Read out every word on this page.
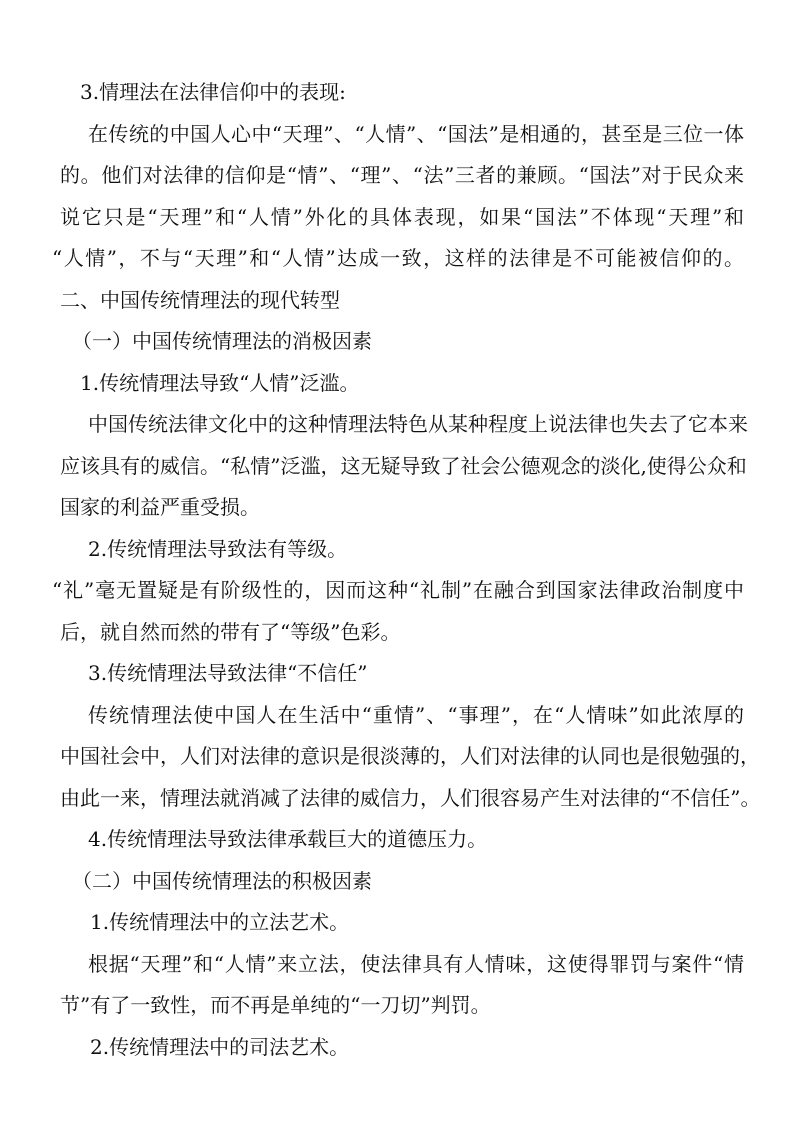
3.情理法在法律信仰中的表现:
在传统的中国人心中“天理”、“人情”、“国法”是相通的，甚至是三位一体
的。他们对法律的信仰是“情”、“理”、“法”三者的兼顾。“国法”对于民众来
说它只是“天理”和“人情”外化的具体表现，如果“国法”不体现“天理”和
“人情”，不与“天理”和“人情”达成一致，这样的法律是不可能被信仰的。
二、中国传统情理法的现代转型
（一）中国传统情理法的消极因素
1.传统情理法导致“人情”泛滥。
中国传统法律文化中的这种情理法特色从某种程度上说法律也失去了它本来
应该具有的威信。“私情”泛滥，这无疑导致了社会公德观念的淡化,使得公众和
国家的利益严重受损。
2.传统情理法导致法有等级。
“礼”毫无置疑是有阶级性的，因而这种“礼制”在融合到国家法律政治制度中
后，就自然而然的带有了“等级”色彩。
3.传统情理法导致法律“不信任”
传统情理法使中国人在生活中“重情”、“事理”，在“人情味”如此浓厚的
中国社会中，人们对法律的意识是很淡薄的，人们对法律的认同也是很勉强的，
由此一来，情理法就消减了法律的威信力，人们很容易产生对法律的“不信任”。
4.传统情理法导致法律承载巨大的道德压力。
（二）中国传统情理法的积极因素
1.传统情理法中的立法艺术。
根据“天理”和“人情”来立法，使法律具有人情味，这使得罪罚与案件“情
节”有了一致性，而不再是单纯的“一刀切”判罚。
2.传统情理法中的司法艺术。
